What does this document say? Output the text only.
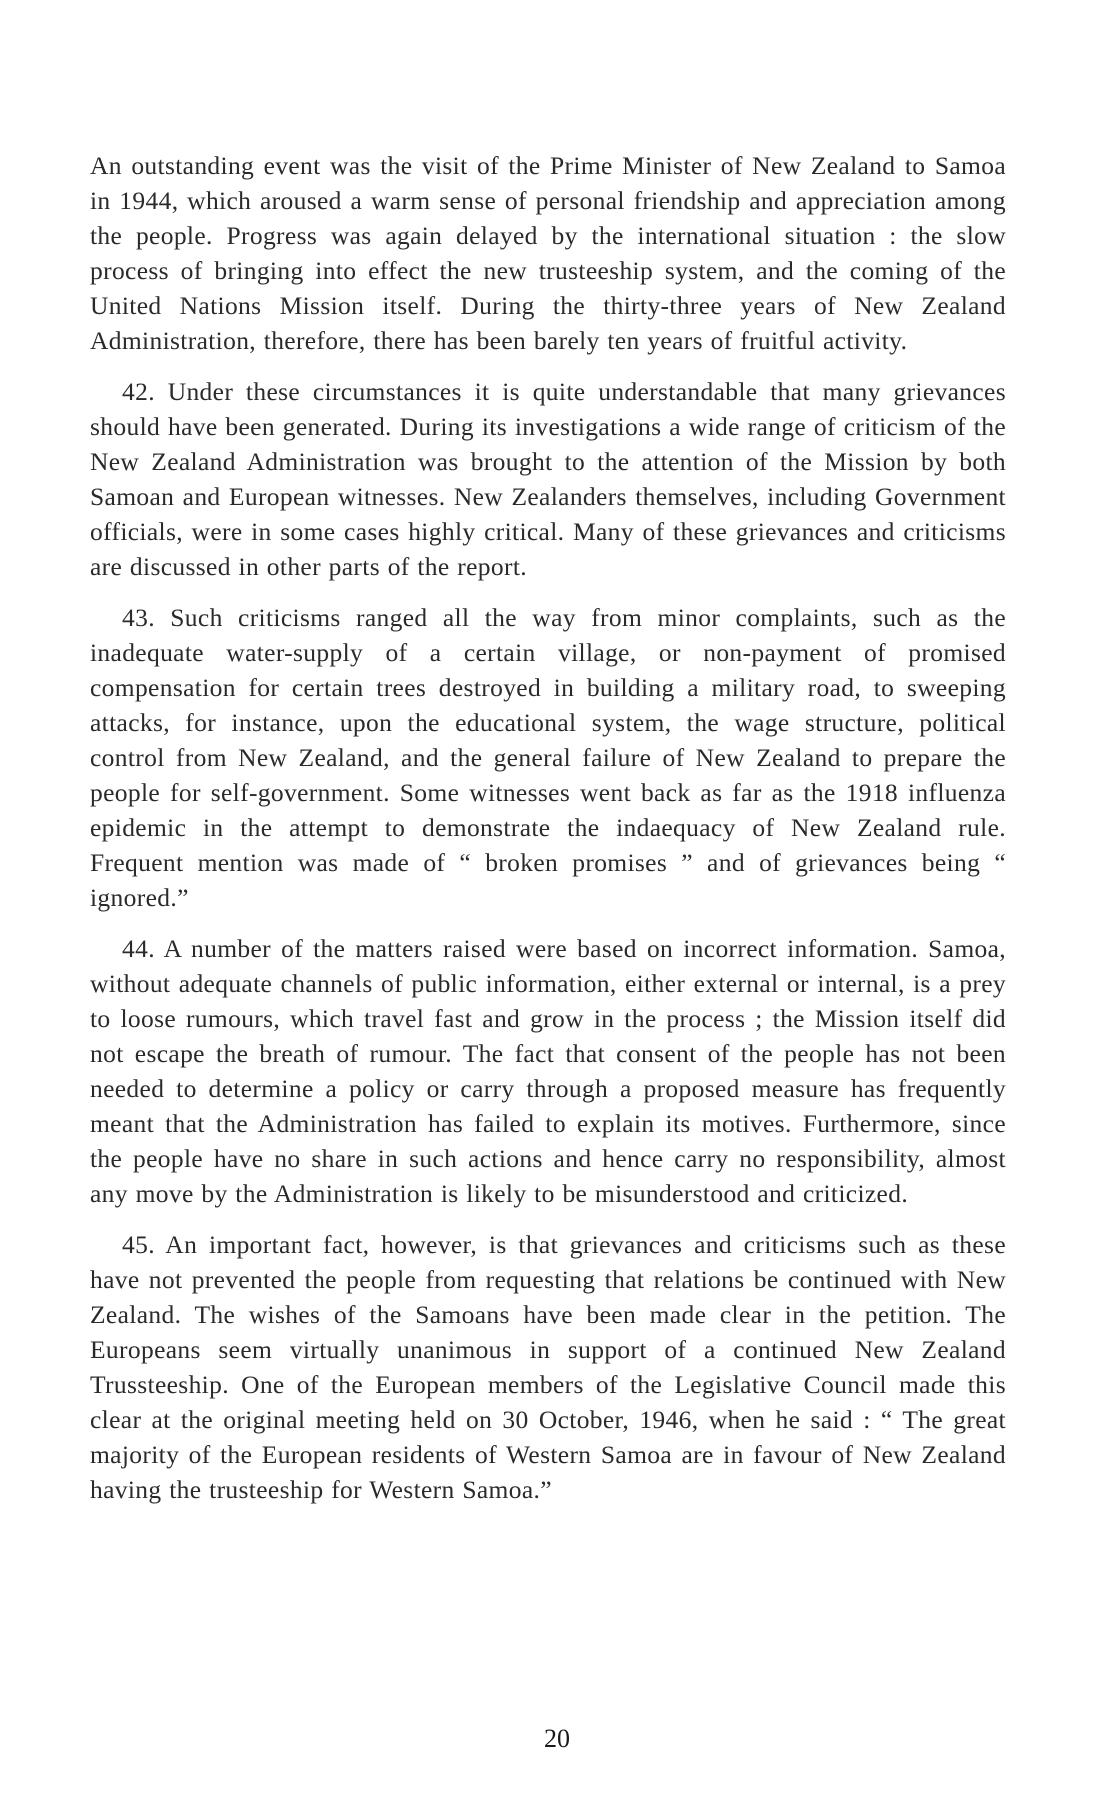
An outstanding event was the visit of the Prime Minister of New Zealand to Samoa in 1944, which aroused a warm sense of personal friendship and appreciation among the people. Progress was again delayed by the international situation : the slow process of bringing into effect the new trusteeship system, and the coming of the United Nations Mission itself. During the thirty-three years of New Zealand Administration, therefore, there has been barely ten years of fruitful activity.

42. Under these circumstances it is quite understandable that many grievances should have been generated. During its investigations a wide range of criticism of the New Zealand Administration was brought to the attention of the Mission by both Samoan and European witnesses. New Zealanders themselves, including Government officials, were in some cases highly critical. Many of these grievances and criticisms are discussed in other parts of the report.

43. Such criticisms ranged all the way from minor complaints, such as the inadequate water-supply of a certain village, or non-payment of promised compensation for certain trees destroyed in building a military road, to sweeping attacks, for instance, upon the educational system, the wage structure, political control from New Zealand, and the general failure of New Zealand to prepare the people for self-government. Some witnesses went back as far as the 1918 influenza epidemic in the attempt to demonstrate the indaequacy of New Zealand rule. Frequent mention was made of “ broken promises ” and of grievances being “ ignored.”

44. A number of the matters raised were based on incorrect information. Samoa, without adequate channels of public information, either external or internal, is a prey to loose rumours, which travel fast and grow in the process ; the Mission itself did not escape the breath of rumour. The fact that consent of the people has not been needed to determine a policy or carry through a proposed measure has frequently meant that the Administration has failed to explain its motives. Furthermore, since the people have no share in such actions and hence carry no responsibility, almost any move by the Administration is likely to be misunderstood and criticized.

45. An important fact, however, is that grievances and criticisms such as these have not prevented the people from requesting that relations be continued with New Zealand. The wishes of the Samoans have been made clear in the petition. The Europeans seem virtually unanimous in support of a continued New Zealand Trussteeship. One of the European members of the Legislative Council made this clear at the original meeting held on 30 October, 1946, when he said : “ The great majority of the European residents of Western Samoa are in favour of New Zealand having the trusteeship for Western Samoa.”

20
